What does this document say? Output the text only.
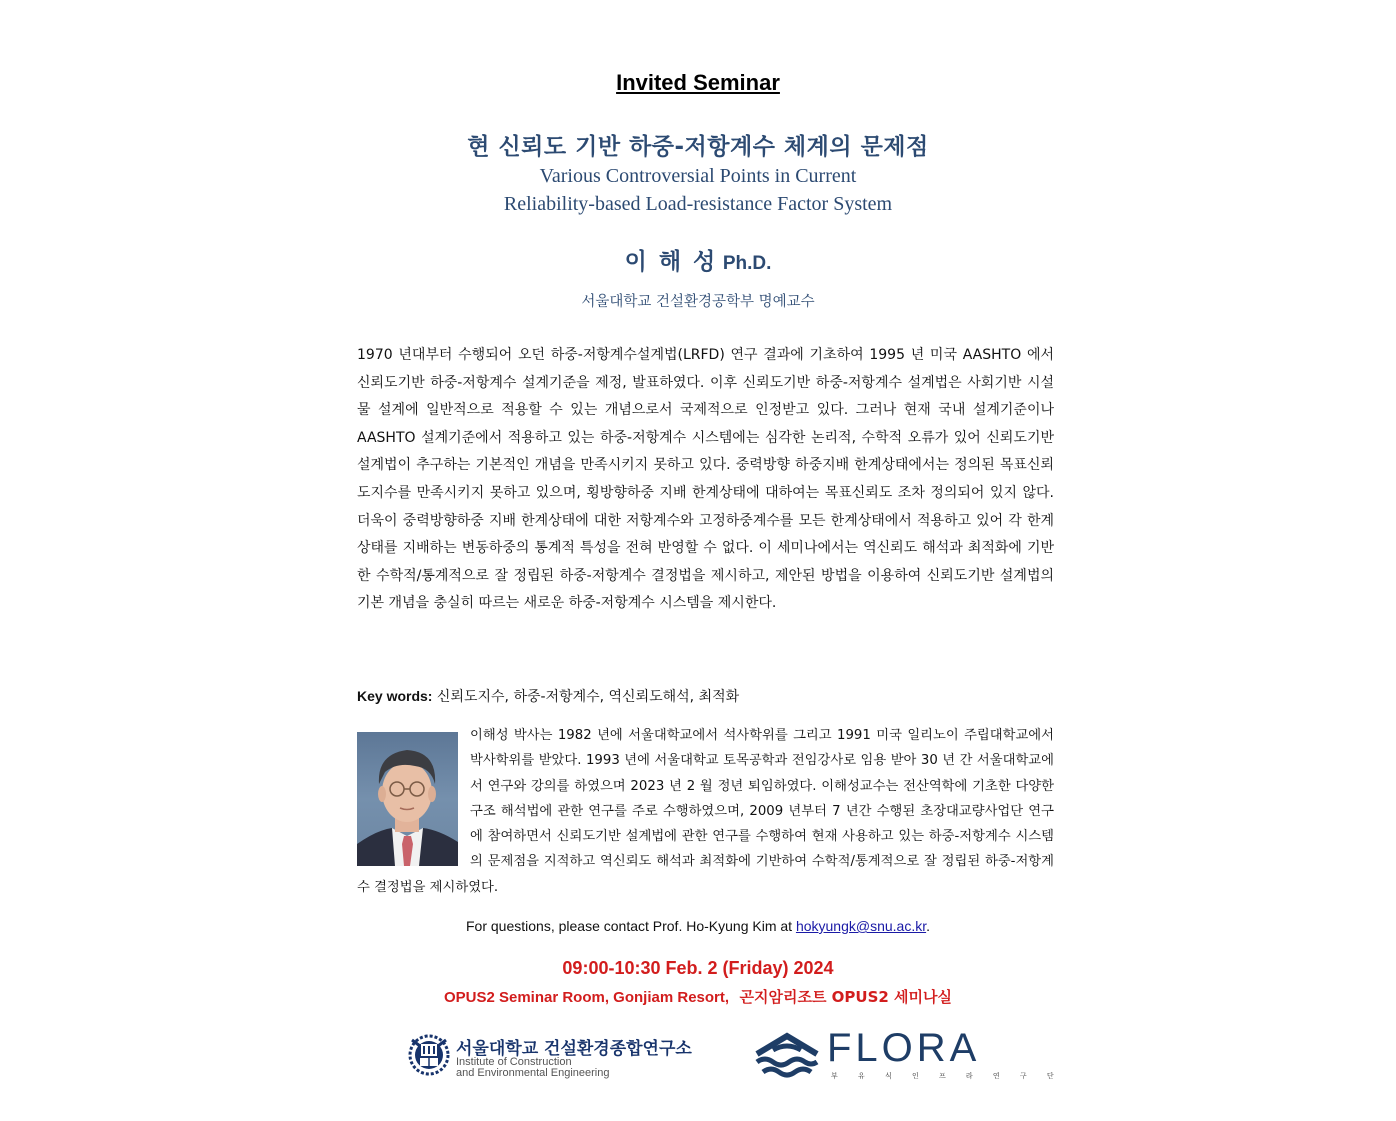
Invited Seminar
현 신뢰도 기반 하중-저항계수 체계의 문제점
Various Controversial Points in Current
Reliability-based Load-resistance Factor System
이 해 성 Ph.D.
서울대학교 건설환경공학부 명예교수

1970 년대부터 수행되어 오던 하중-저항계수설계법(LRFD) 연구 결과에 기초하여 1995 년 미국 AASHTO 에서 신뢰도기반 하중-저항계수 설계기준을 제정, 발표하였다. 이후 신뢰도기반 하중-저항계수 설계법은 사회기반 시설물 설계에 일반적으로 적용할 수 있는 개념으로서 국제적으로 인정받고 있다. 그러나 현재 국내 설계기준이나 AASHTO 설계기준에서 적용하고 있는 하중-저항계수 시스템에는 심각한 논리적, 수학적 오류가 있어 신뢰도기반 설계법이 추구하는 기본적인 개념을 만족시키지 못하고 있다. 중력방향 하중지배 한계상태에서는 정의된 목표신뢰도지수를 만족시키지 못하고 있으며, 횡방향하중 지배 한계상태에 대하여는 목표신뢰도 조차 정의되어 있지 않다. 더욱이 중력방향하중 지배 한계상태에 대한 저항계수와 고정하중계수를 모든 한계상태에서 적용하고 있어 각 한계상태를 지배하는 변동하중의 통계적 특성을 전혀 반영할 수 없다. 이 세미나에서는 역신뢰도 해석과 최적화에 기반한 수학적/통계적으로 잘 정립된 하중-저항계수 결정법을 제시하고, 제안된 방법을 이용하여 신뢰도기반 설계법의 기본 개념을 충실히 따르는 새로운 하중-저항계수 시스템을 제시한다.

Key words: 신뢰도지수, 하중-저항계수, 역신뢰도해석, 최적화

이해성 박사는 1982 년에 서울대학교에서 석사학위를 그리고 1991 미국 일리노이 주립대학교에서 박사학위를 받았다. 1993 년에 서울대학교 토목공학과 전임강사로 임용 받아 30 년 간 서울대학교에서 연구와 강의를 하였으며 2023 년 2 월 정년 퇴임하였다. 이해성교수는 전산역학에 기초한 다양한 구조 해석법에 관한 연구를 주로 수행하였으며, 2009 년부터 7 년간 수행된 초장대교량사업단 연구에 참여하면서 신뢰도기반 설계법에 관한 연구를 수행하여 현재 사용하고 있는 하중-저항계수 시스템의 문제점을 지적하고 역신뢰도 해석과 최적화에 기반하여 수학적/통계적으로 잘 정립된 하중-저항계수 결정법을 제시하였다.

For questions, please contact Prof. Ho-Kyung Kim at hokyungk@snu.ac.kr.
09:00-10:30 Feb. 2 (Friday) 2024
OPUS2 Seminar Room, Gonjiam Resort, 곤지암리조트 OPUS2 세미나실
서울대학교 건설환경종합연구소
Institute of Construction
and Environmental Engineering
FLORA
부 유 식 인 프 라 연 구 단
